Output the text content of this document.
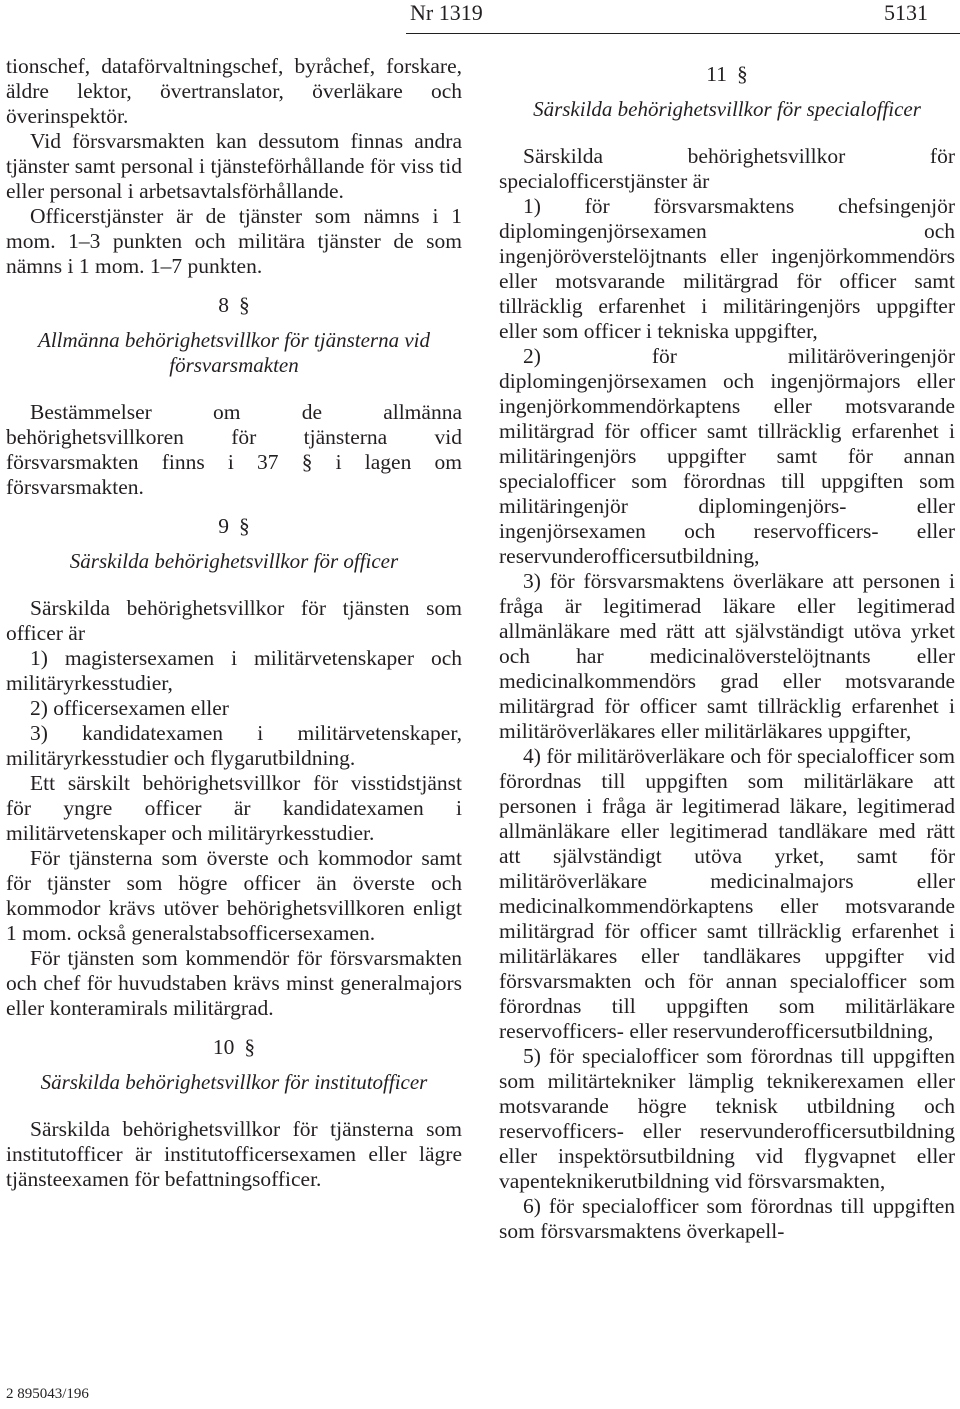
Nr 1319	5131

tionschef, dataförvaltningschef, byråchef, forskare, äldre lektor, övertranslator, överläkare och överinspektör.

Vid försvarsmakten kan dessutom finnas andra tjänster samt personal i tjänsteförhållande för viss tid eller personal i arbetsavtalsförhållande.

Officerstjänster är de tjänster som nämns i 1 mom. 1–3 punkten och militära tjänster de som nämns i 1 mom. 1–7 punkten.

8 §
Allmänna behörighetsvillkor för tjänsterna vid försvarsmakten

Bestämmelser om de allmänna behörighetsvillkoren för tjänsterna vid försvarsmakten finns i 37 § i lagen om försvarsmakten.

9 §
Särskilda behörighetsvillkor för officer

Särskilda behörighetsvillkor för tjänsten som officer är

1) magistersexamen i militärvetenskaper och militäryrkesstudier,

2) officersexamen eller

3) kandidatexamen i militärvetenskaper, militäryrkesstudier och flygarutbildning.

Ett särskilt behörighetsvillkor för visstidstjänst för yngre officer är kandidatexamen i militärvetenskaper och militäryrkesstudier.

För tjänsterna som överste och kommodor samt för tjänster som högre officer än överste och kommodor krävs utöver behörighetsvillkoren enligt 1 mom. också generalstabsofficersexamen.

För tjänsten som kommendör för försvarsmakten och chef för huvudstaben krävs minst generalmajors eller konteramirals militärgrad.

10 §
Särskilda behörighetsvillkor för institutofficer

Särskilda behörighetsvillkor för tjänsterna som institutofficer är institutofficersexamen eller lägre tjänsteexamen för befattningsofficer.

11 §
Särskilda behörighetsvillkor för specialofficer

Särskilda behörighetsvillkor för specialofficerstjänster är

1) för försvarsmaktens chefsingenjör diplomingenjörsexamen och ingenjöröverstelöjtnants eller ingenjörkommendörs eller motsvarande militärgrad för officer samt tillräcklig erfarenhet i militäringenjörs uppgifter eller som officer i tekniska uppgifter,

2) för militäröveringenjör diplomingenjörsexamen och ingenjörmajors eller ingenjörkommendörkaptens eller motsvarande militärgrad för officer samt tillräcklig erfarenhet i militäringenjörs uppgifter samt för annan specialofficer som förordnas till uppgiften som militäringenjör diplomingenjörs- eller ingenjörsexamen och reservofficers- eller reservunderofficersutbildning,

3) för försvarsmaktens överläkare att personen i fråga är legitimerad läkare eller legitimerad allmänläkare med rätt att självständigt utöva yrket och har medicinalöverstelöjtnants eller medicinalkommendörs grad eller motsvarande militärgrad för officer samt tillräcklig erfarenhet i militäröverläkares eller militärläkares uppgifter,

4) för militäröverläkare och för specialofficer som förordnas till uppgiften som militärläkare att personen i fråga är legitimerad läkare, legitimerad allmänläkare eller legitimerad tandläkare med rätt att självständigt utöva yrket, samt för militäröverläkare medicinalmajors eller medicinalkommendörkaptens eller motsvarande militärgrad för officer samt tillräcklig erfarenhet i militärläkares eller tandläkares uppgifter vid försvarsmakten och för annan specialofficer som förordnas till uppgiften som militärläkare reservofficers- eller reservunderofficersutbildning,

5) för specialofficer som förordnas till uppgiften som militärtekniker lämplig teknikerexamen eller motsvarande högre teknisk utbildning och reservofficers- eller reservunderofficersutbildning eller inspektörsutbildning vid flygvapnet eller vapenteknikerutbildning vid försvarsmakten,

6) för specialofficer som förordnas till uppgiften som försvarsmaktens överkapell-

2 895043/196
